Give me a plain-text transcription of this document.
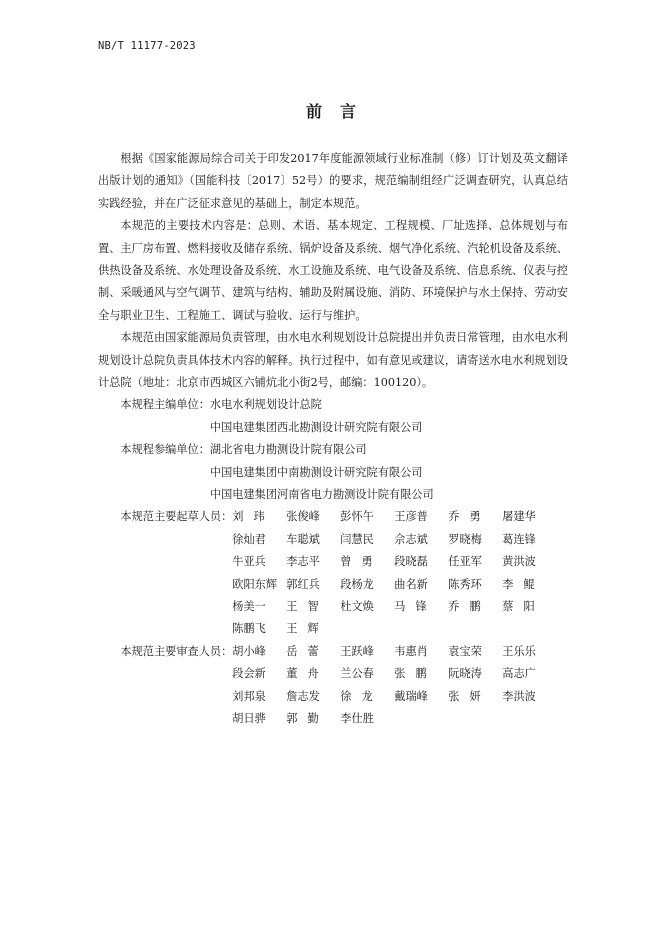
NB/T 11177-2023
前言

根据《国家能源局综合司关于印发2017年度能源领域行业标准制（修）订计划及英文翻译出版计划的通知》（国能科技〔2017〕52号）的要求，规范编制组经广泛调查研究，认真总结实践经验，并在广泛征求意见的基础上，制定本规范。

本规范的主要技术内容是：总则、术语、基本规定、工程规模、厂址选择、总体规划与布置、主厂房布置、燃料接收及储存系统、锅炉设备及系统、烟气净化系统、汽轮机设备及系统、供热设备及系统、水处理设备及系统、水工设施及系统、电气设备及系统、信息系统、仪表与控制、采暖通风与空气调节、建筑与结构、辅助及附属设施、消防、环境保护与水土保持、劳动安全与职业卫生、工程施工、调试与验收、运行与维护。

本规范由国家能源局负责管理，由水电水利规划设计总院提出并负责日常管理，由水电水利规划设计总院负责具体技术内容的解释。执行过程中，如有意见或建议，请寄送水电水利规划设计总院（地址：北京市西城区六铺炕北小街2号，邮编：100120）。

本规程主编单位： 水电水利规划设计总院
中国电建集团西北勘测设计研究院有限公司
本规程参编单位： 湖北省电力勘测设计院有限公司
中国电建集团中南勘测设计研究院有限公司
中国电建集团河南省电力勘测设计院有限公司
本规范主要起草人员： 刘玮	张俊峰	彭怀午	王彦普	乔勇	屠建华
徐灿君	车聪斌	闫慧民	佘志斌	罗晓梅	葛连锋
牛亚兵	李志平	曾勇	段晓磊	任亚军	黄洪波
欧阳东辉 郭红兵	段杨龙	曲名新	陈秀环	李鲲
杨美一	王智	杜文焕	马锋	乔鹏	蔡阳
陈鹏飞	王辉
本规范主要审查人员： 胡小峰	岳蕾	王跃峰	韦惠肖	袁宝荣	王乐乐
段会新	董舟	兰公春	张鹏	阮晓涛	高志广
刘邦泉	詹志发	徐龙	戴瑞峰	张妍	李洪波
胡日骅	郭勤	李仕胜
